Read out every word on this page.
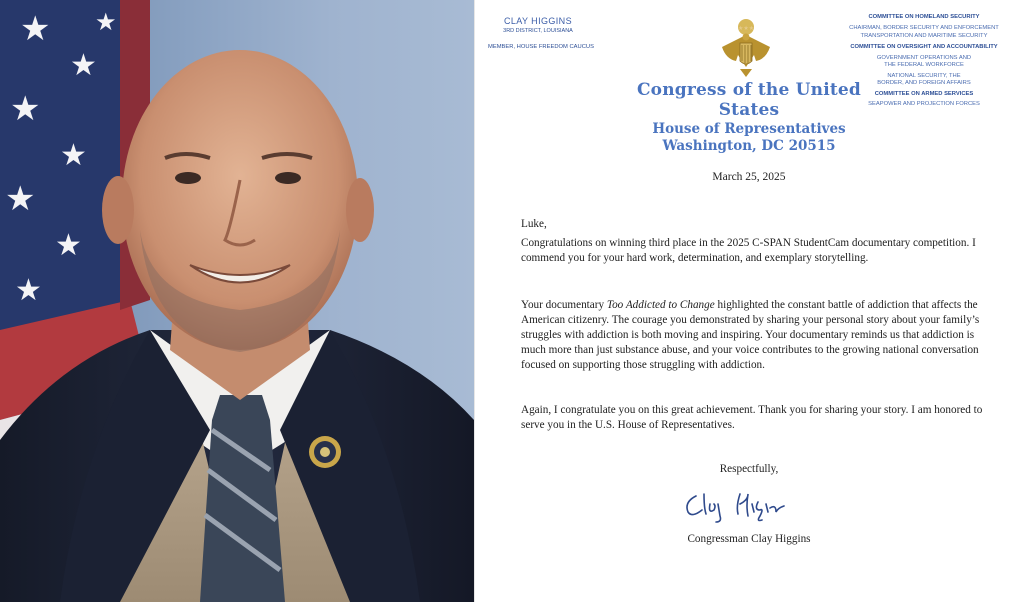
★
★
★
★
★
★
★
★	CLAY HIGGINS
3RD DISTRICT, LOUISIANA
MEMBER, HOUSE FREEDOM CAUCUS
★★★
Congress of the United States
House of Representatives
Washington, DC 20515
COMMITTEE ON HOMELAND SECURITY
CHAIRMAN, BORDER SECURITY AND ENFORCEMENT
TRANSPORTATION AND MARITIME SECURITY
COMMITTEE ON OVERSIGHT AND ACCOUNTABILITY
GOVERNMENT OPERATIONS AND
THE FEDERAL WORKFORCE
NATIONAL SECURITY, THE
BORDER, AND FOREIGN AFFAIRS
COMMITTEE ON ARMED SERVICES
SEAPOWER AND PROJECTION FORCES
March 25, 2025
Luke,
Congratulations on winning third place in the 2025 C-SPAN StudentCam documentary competition. I commend you for your hard work, determination, and exemplary storytelling.
Your documentary Too Addicted to Change highlighted the constant battle of addiction that affects the American citizenry. The courage you demonstrated by sharing your personal story about your family’s struggles with addiction is both moving and inspiring. Your documentary reminds us that addiction is much more than just substance abuse, and your voice contributes to the growing national conversation focused on supporting those struggling with addiction.
Again, I congratulate you on this great achievement. Thank you for sharing your story. I am honored to serve you in the U.S. House of Representatives.
Respectfully,
Congressman Clay Higgins
